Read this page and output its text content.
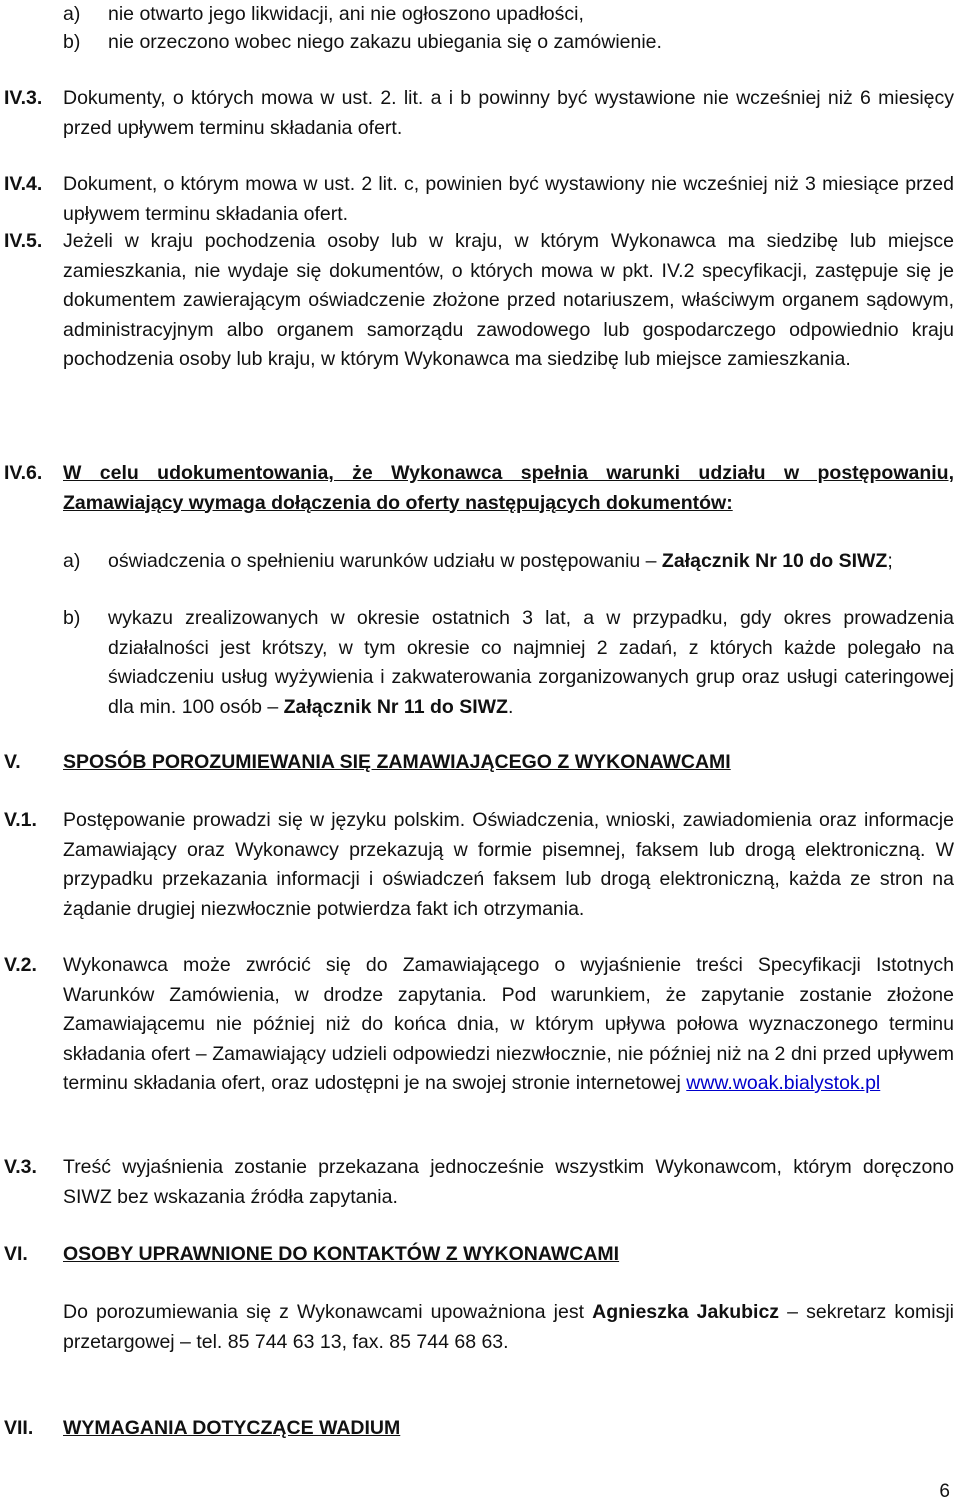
a) nie otwarto jego likwidacji, ani nie ogłoszono upadłości,
b) nie orzeczono wobec niego zakazu ubiegania się o zamówienie.
IV.3. Dokumenty, o których mowa w ust. 2. lit. a i b powinny być wystawione nie wcześniej niż 6 miesięcy przed upływem terminu składania ofert.
IV.4. Dokument, o którym mowa w ust. 2 lit. c, powinien być wystawiony nie wcześniej niż 3 miesiące przed upływem terminu składania ofert.
IV.5. Jeżeli w kraju pochodzenia osoby lub w kraju, w którym Wykonawca ma siedzibę lub miejsce zamieszkania, nie wydaje się dokumentów, o których mowa w pkt. IV.2 specyfikacji, zastępuje się je dokumentem zawierającym oświadczenie złożone przed notariuszem, właściwym organem sądowym, administracyjnym albo organem samorządu zawodowego lub gospodarczego odpowiednio kraju pochodzenia osoby lub kraju, w którym Wykonawca ma siedzibę lub miejsce zamieszkania.
IV.6. W celu udokumentowania, że Wykonawca spełnia warunki udziału w postępowaniu, Zamawiający wymaga dołączenia do oferty następujących dokumentów:
a) oświadczenia o spełnieniu warunków udziału w postępowaniu – Załącznik Nr 10 do SIWZ;
b) wykazu zrealizowanych w okresie ostatnich 3 lat, a w przypadku, gdy okres prowadzenia działalności jest krótszy, w tym okresie co najmniej 2 zadań, z których każde polegało na świadczeniu usług wyżywienia i zakwaterowania zorganizowanych grup oraz usługi cateringowej dla min. 100 osób – Załącznik Nr 11 do SIWZ.
V. SPOSÓB POROZUMIEWANIA SIĘ ZAMAWIAJĄCEGO Z WYKONAWCAMI
V.1. Postępowanie prowadzi się w języku polskim. Oświadczenia, wnioski, zawiadomienia oraz informacje Zamawiający oraz Wykonawcy przekazują w formie pisemnej, faksem lub drogą elektroniczną. W przypadku przekazania informacji i oświadczeń faksem lub drogą elektroniczną, każda ze stron na żądanie drugiej niezwłocznie potwierdza fakt ich otrzymania.
V.2. Wykonawca może zwrócić się do Zamawiającego o wyjaśnienie treści Specyfikacji Istotnych Warunków Zamówienia, w drodze zapytania. Pod warunkiem, że zapytanie zostanie złożone Zamawiającemu nie później niż do końca dnia, w którym upływa połowa wyznaczonego terminu składania ofert – Zamawiający udzieli odpowiedzi niezwłocznie, nie później niż na 2 dni przed upływem terminu składania ofert, oraz udostępni je na swojej stronie internetowej www.woak.bialystok.pl
V.3. Treść wyjaśnienia zostanie przekazana jednocześnie wszystkim Wykonawcom, którym doręczono SIWZ bez wskazania źródła zapytania.
VI. OSOBY UPRAWNIONE DO KONTAKTÓW Z WYKONAWCAMI
Do porozumiewania się z Wykonawcami upoważniona jest Agnieszka Jakubicz – sekretarz komisji przetargowej – tel. 85 744 63 13, fax. 85 744 68 63.
VII. WYMAGANIA DOTYCZĄCE WADIUM
6
